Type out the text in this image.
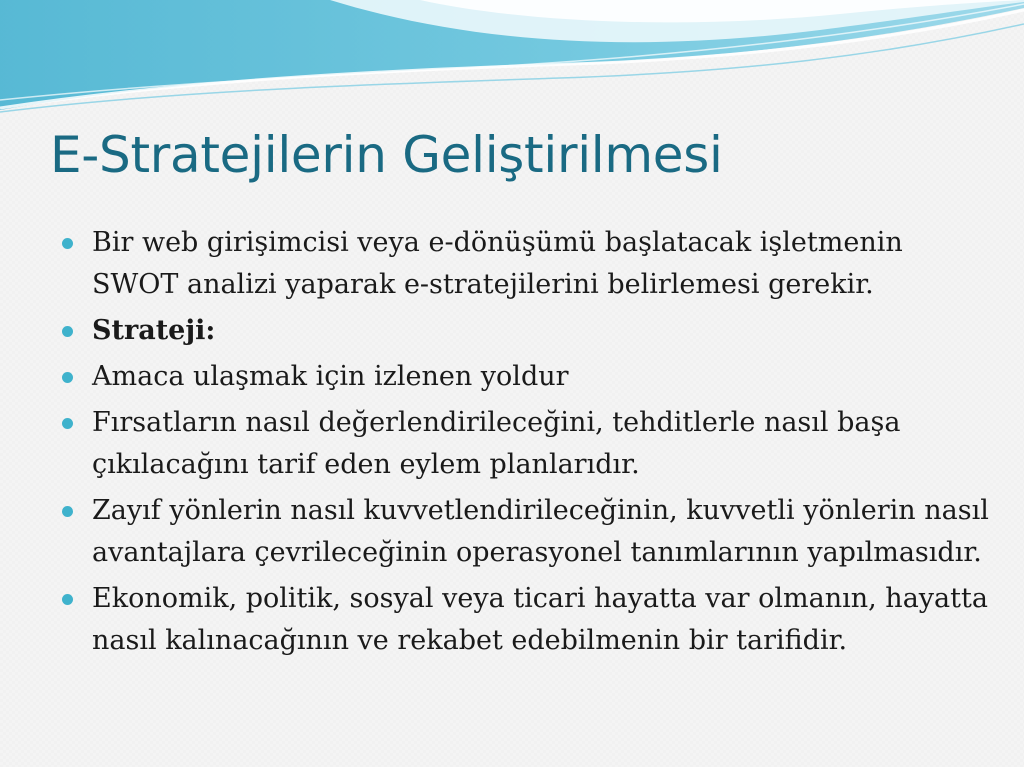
E-Stratejilerin Geliştirilmesi
Bir web girişimcisi veya e-dönüşümü başlatacak işletmenin SWOT analizi yaparak e-stratejilerini belirlemesi gerekir.
Strateji:
Amaca ulaşmak için izlenen yoldur
Fırsatların nasıl değerlendirileceğini, tehditlerle nasıl başa çıkılacağını tarif eden eylem planlarıdır.
Zayıf yönlerin nasıl kuvvetlendirileceğinin, kuvvetli yönlerin nasıl avantajlara çevrileceğinin operasyonel tanımlarının yapılmasıdır.
Ekonomik, politik, sosyal veya ticari hayatta var olmanın, hayatta nasıl kalınacağının ve rekabet edebilmenin bir tarifidir.
